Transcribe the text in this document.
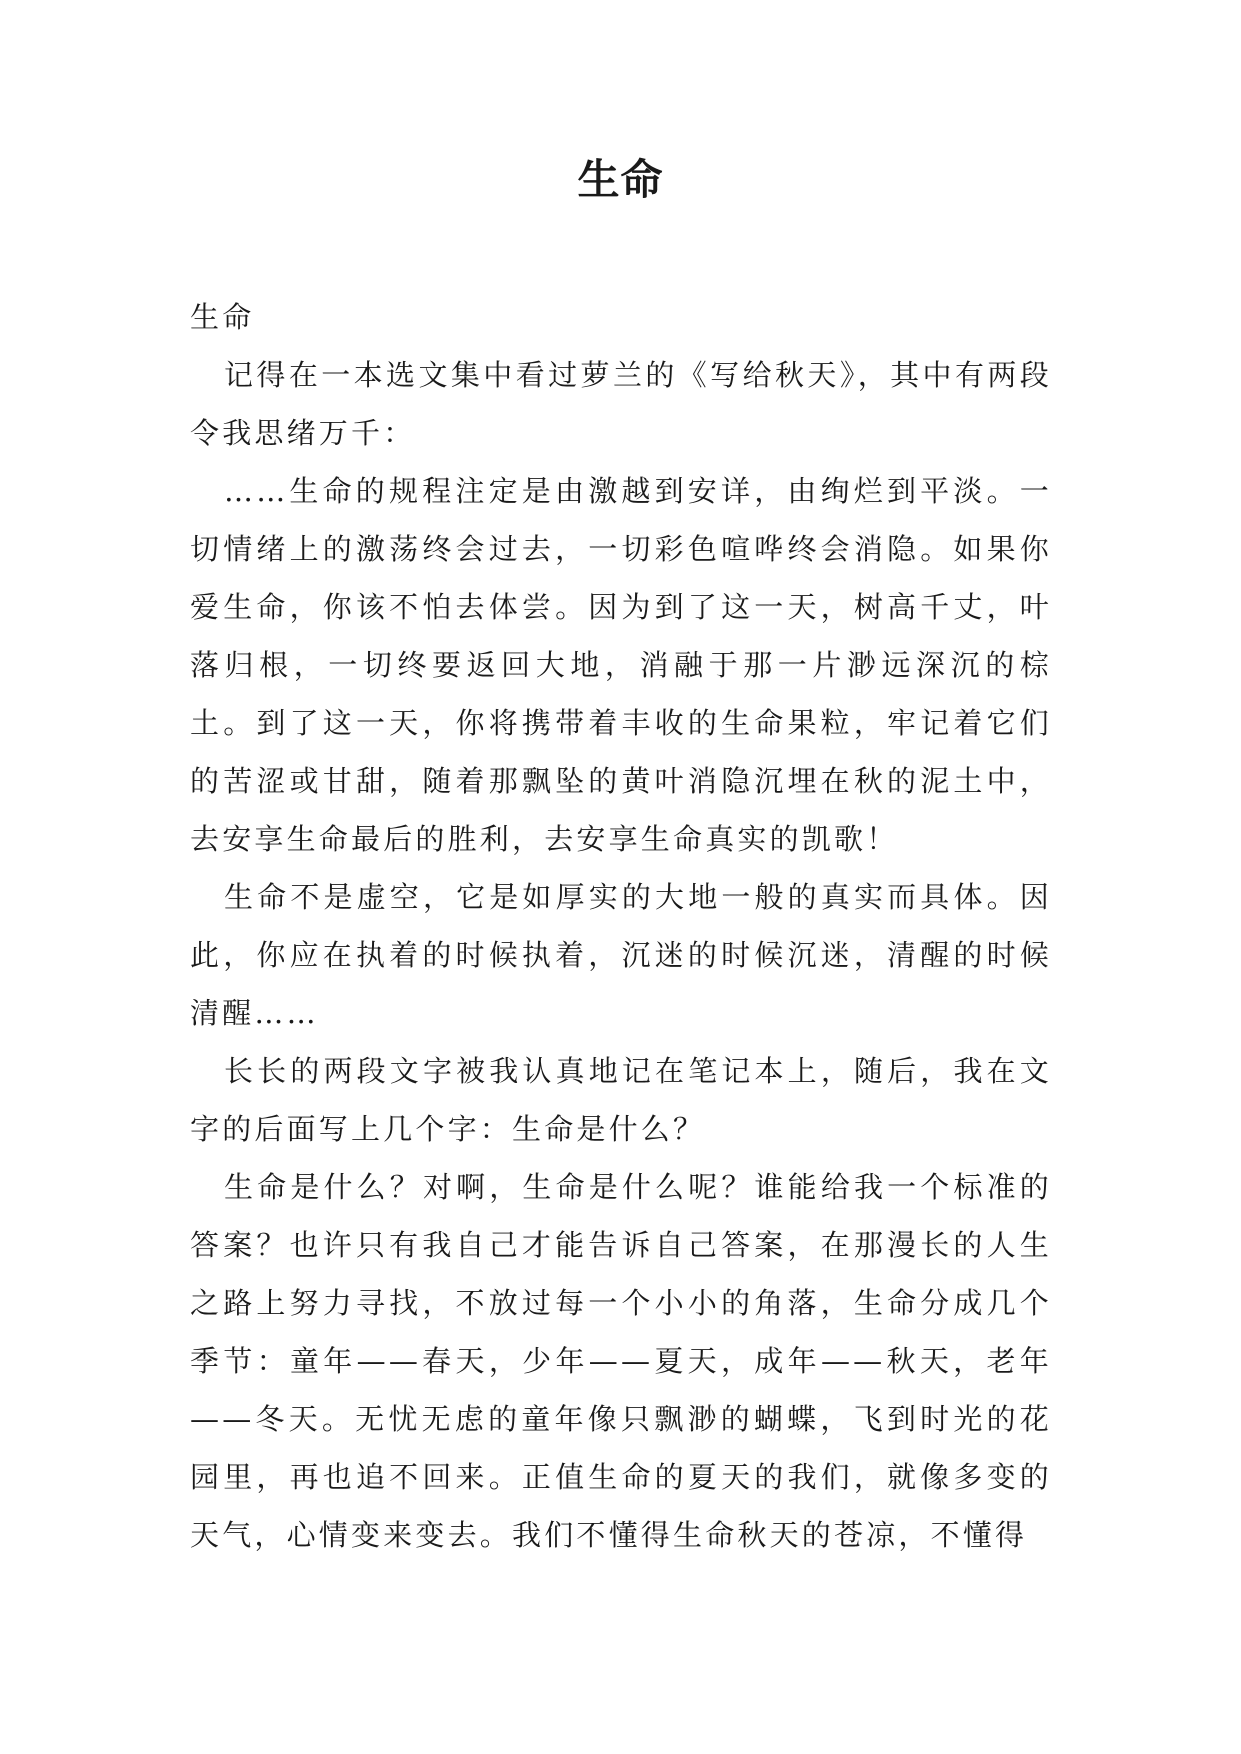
生命

生命

记得在一本选文集中看过萝兰的《写给秋天》，其中有两段令我思绪万千：

……生命的规程注定是由激越到安详，由绚烂到平淡。一切情绪上的激荡终会过去，一切彩色喧哗终会消隐。如果你爱生命，你该不怕去体尝。因为到了这一天，树高千丈，叶落归根，一切终要返回大地，消融于那一片渺远深沉的棕土。到了这一天，你将携带着丰收的生命果粒，牢记着它们的苦涩或甘甜，随着那飘坠的黄叶消隐沉埋在秋的泥土中，去安享生命最后的胜利，去安享生命真实的凯歌！

生命不是虚空，它是如厚实的大地一般的真实而具体。因此，你应在执着的时候执着，沉迷的时候沉迷，清醒的时候清醒……

长长的两段文字被我认真地记在笔记本上，随后，我在文字的后面写上几个字：生命是什么？

生命是什么？对啊，生命是什么呢？谁能给我一个标准的答案？也许只有我自己才能告诉自己答案，在那漫长的人生之路上努力寻找，不放过每一个小小的角落，生命分成几个季节：童年——春天，少年——夏天，成年——秋天，老年——冬天。无忧无虑的童年像只飘渺的蝴蝶，飞到时光的花园里，再也追不回来。正值生命的夏天的我们，就像多变的天气，心情变来变去。我们不懂得生命秋天的苍凉，不懂得
